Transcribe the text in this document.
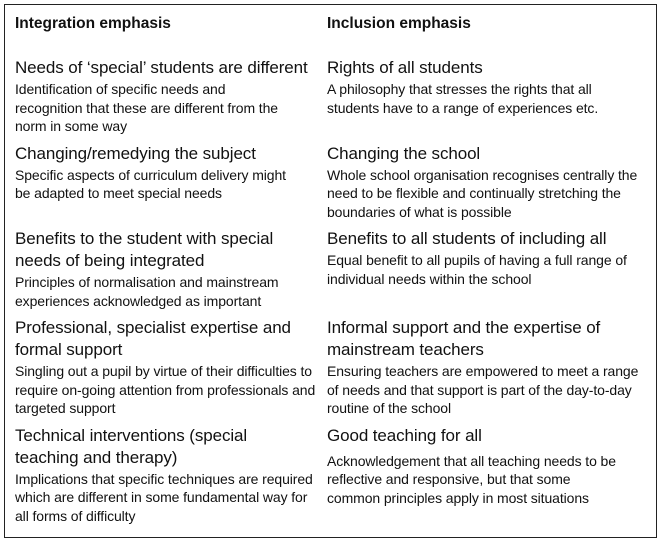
Integration emphasis	Inclusion emphasis
Needs of ‘special’ students are different
Identification of specific needs and recognition that these are different from the norm in some way
Rights of all students
A philosophy that stresses the rights that all students have to a range of experiences etc.
Changing/remedying the subject
Specific aspects of curriculum delivery might be adapted to meet special needs
Changing the school
Whole school organisation recognises centrally the need to be flexible and continually stretching the boundaries of what is possible
Benefits to the student with special needs of being integrated
Principles of normalisation and mainstream experiences acknowledged as important
Benefits to all students of including all
Equal benefit to all pupils of having a full range of individual needs within the school
Professional, specialist expertise and formal support
Singling out a pupil by virtue of their difficulties to require on-going attention from professionals and targeted support
Informal support and the expertise of mainstream teachers
Ensuring teachers are empowered to meet a range of needs and that support is part of the day-to-day routine of the school
Technical interventions (special teaching and therapy)
Implications that specific techniques are required which are different in some fundamental way for all forms of difficulty
Good teaching for all
Acknowledgement that all teaching needs to be reflective and responsive, but that some common principles apply in most situations
